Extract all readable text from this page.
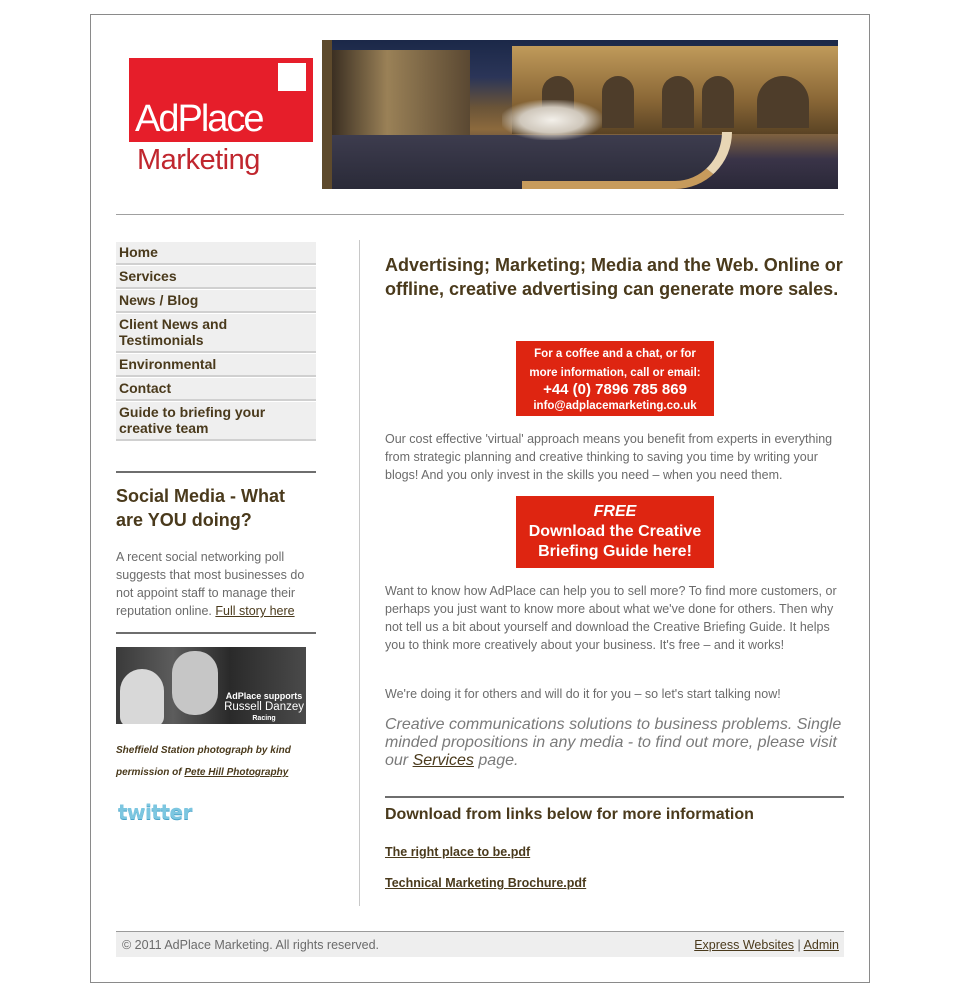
AdPlace
Marketing
Home
Services
News / Blog
Client News and Testimonials
Environmental
Contact
Guide to briefing your creative team
Social Media - What are YOU doing?
A recent social networking poll suggests that most businesses do not appoint staff to manage their reputation online. Full story here
AdPlace supports
Russell Danzey
Racing
Sheffield Station photograph by kind permission of Pete Hill Photography
twitter
Advertising; Marketing; Media and the Web. Online or offline, creative advertising can generate more sales.
For a coffee and a chat, or for
more information, call or email:
+44 (0) 7896 785 869
info@adplacemarketing.co.uk
Our cost effective 'virtual' approach means you benefit from experts in everything from strategic planning and creative thinking to saving you time by writing your blogs! And you only invest in the skills you need – when you need them.
FREE
Download the Creative
Briefing Guide here!
Want to know how AdPlace can help you to sell more? To find more customers, or perhaps you just want to know more about what we've done for others. Then why not tell us a bit about yourself and download the Creative Briefing Guide. It helps you to think more creatively about your business. It's free – and it works!
We're doing it for others and will do it for you – so let's start talking now!
Creative communications solutions to business problems. Single minded propositions in any media - to find out more, please visit our Services page.
Download from links below for more information
The right place to be.pdf
Technical Marketing Brochure.pdf
© 2011 AdPlace Marketing. All rights reserved.	Express Websites | Admin
